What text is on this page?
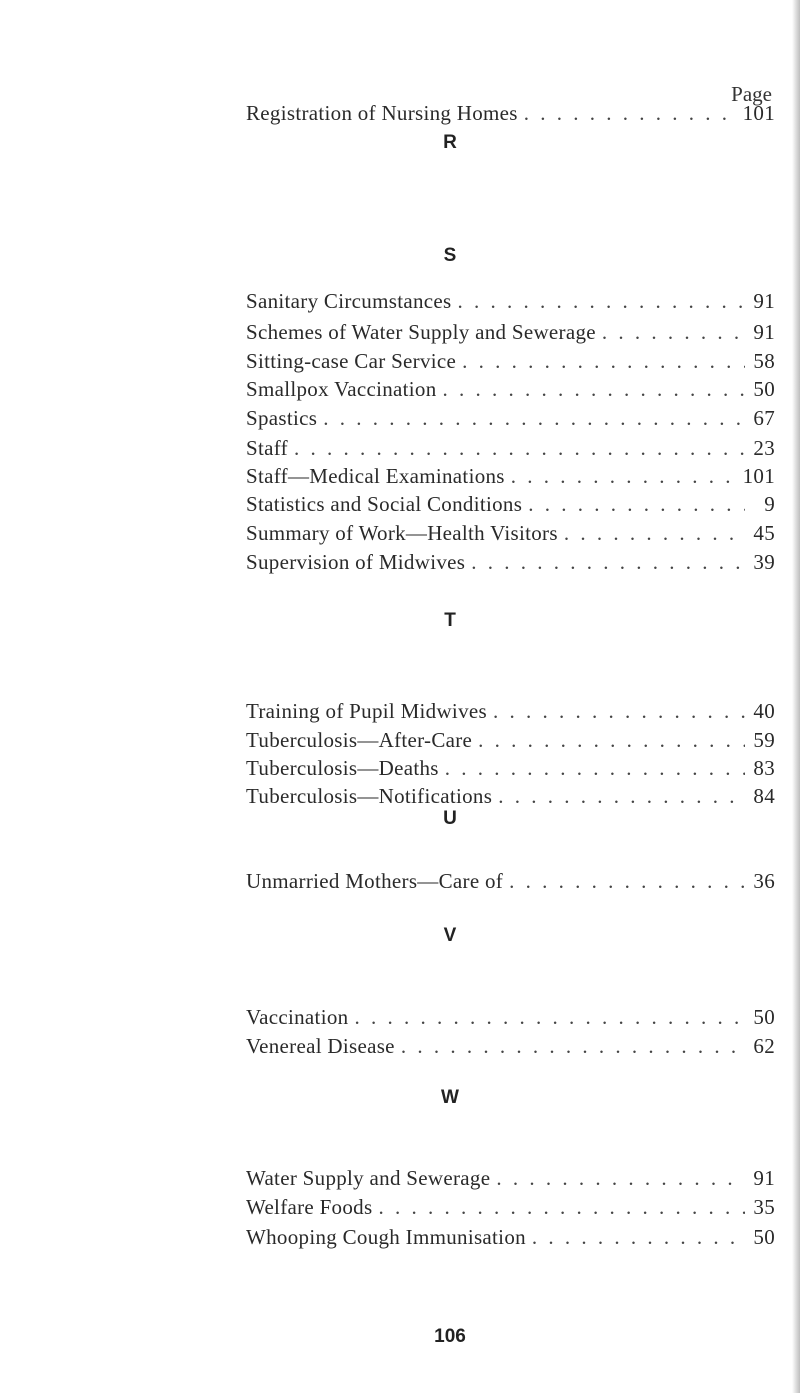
Page
R
Registration of Nursing Homes . . .	101
S
Sanitary Circumstances . . .	91
Schemes of Water Supply and Sewerage . . .	91
Sitting-case Car Service . . .	58
Smallpox Vaccination . . .	50
Spastics . . .	67
Staff . . .	23
Staff—Medical Examinations . . .	101
Statistics and Social Conditions . . .	9
Summary of Work—Health Visitors . . .	45
Supervision of Midwives . . .	39
T
Training of Pupil Midwives . . .	40
Tuberculosis—After-Care . . .	59
Tuberculosis—Deaths . . .	83
Tuberculosis—Notifications . . .	84
U
Unmarried Mothers—Care of . . .	36
V
Vaccination . . .	50
Venereal Disease . . .	62
W
Water Supply and Sewerage . . .	91
Welfare Foods . . .	35
Whooping Cough Immunisation . . .	50
106
